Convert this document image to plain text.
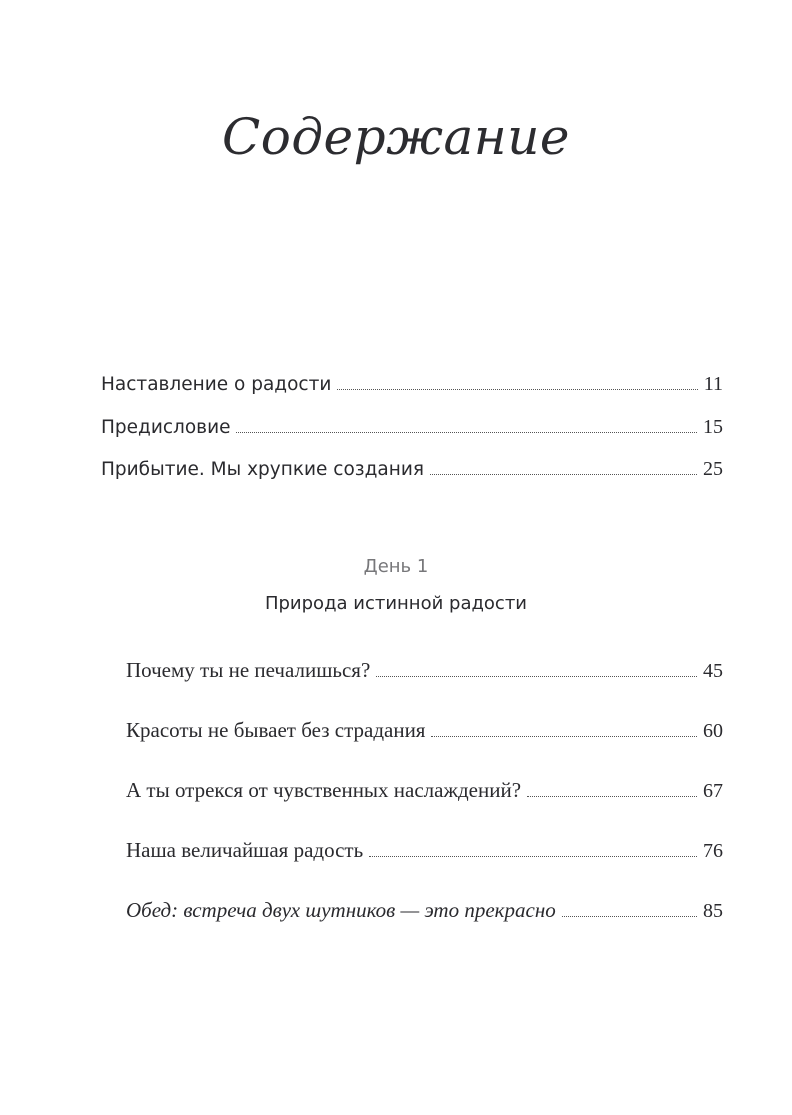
Содержание
Наставление о радости	11
Предисловие	15
Прибытие. Мы хрупкие создания	25
День 1
Природа истинной радости
Почему ты не печалишься?	45
Красоты не бывает без страдания	60
А ты отрекся от чувственных наслаждений?	67
Наша величайшая радость	76
Обед: встреча двух шутников — это прекрасно	85
